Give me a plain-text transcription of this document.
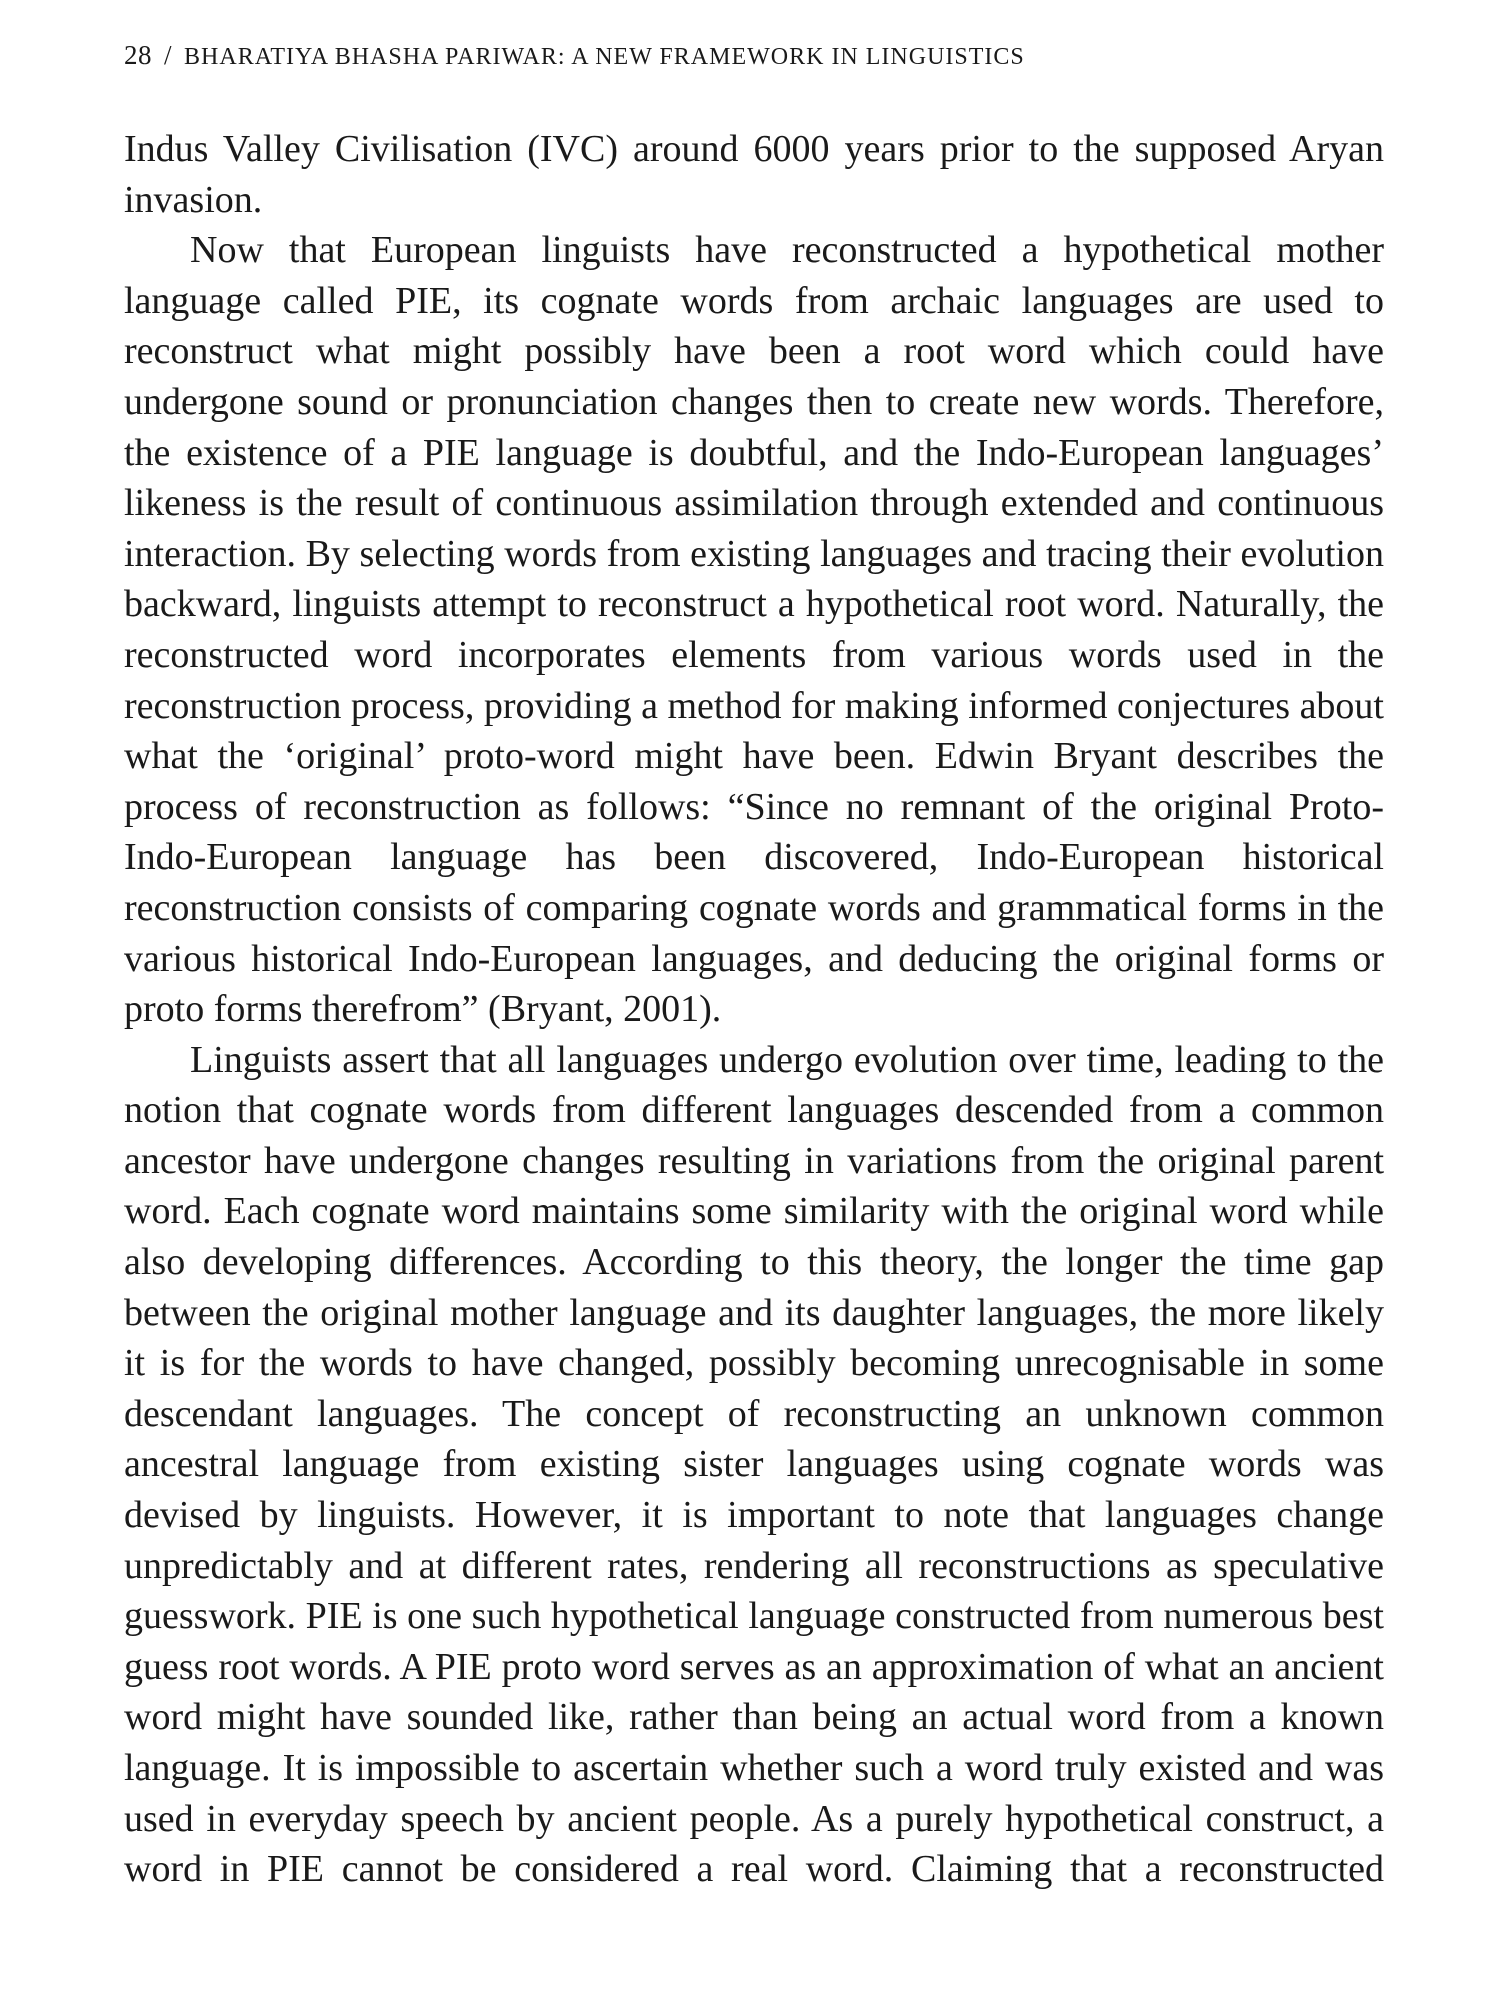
28 / BHARATIYA BHASHA PARIWAR: A NEW FRAMEWORK IN LINGUISTICS

Indus Valley Civilisation (IVC) around 6000 years prior to the supposed Aryan invasion.

Now that European linguists have reconstructed a hypothetical mother language called PIE, its cognate words from archaic languages are used to reconstruct what might possibly have been a root word which could have undergone sound or pronunciation changes then to create new words. Therefore, the existence of a PIE language is doubtful, and the Indo-European languages’ likeness is the result of continuous assimilation through extended and continuous interaction. By selecting words from existing languages and tracing their evolution backward, linguists attempt to reconstruct a hypothetical root word. Naturally, the reconstructed word incorporates elements from various words used in the reconstruction process, providing a method for making informed conjectures about what the ‘original’ proto-word might have been. Edwin Bryant describes the process of reconstruction as follows: “Since no remnant of the original Proto-Indo-European language has been discovered, Indo-European historical reconstruction consists of comparing cognate words and grammatical forms in the various historical Indo-European languages, and deducing the original forms or proto forms therefrom” (Bryant, 2001).

Linguists assert that all languages undergo evolution over time, leading to the notion that cognate words from different languages descended from a common ancestor have undergone changes resulting in variations from the original parent word. Each cognate word maintains some similarity with the original word while also developing differences. According to this theory, the longer the time gap between the original mother language and its daughter languages, the more likely it is for the words to have changed, possibly becoming unrecognisable in some descendant languages. The concept of reconstructing an unknown common ancestral language from existing sister languages using cognate words was devised by linguists. However, it is important to note that languages change unpredictably and at different rates, rendering all reconstructions as speculative guesswork. PIE is one such hypothetical language constructed from numerous best guess root words. A PIE proto word serves as an approximation of what an ancient word might have sounded like, rather than being an actual word from a known language. It is impossible to ascertain whether such a word truly existed and was used in everyday speech by ancient people. As a purely hypothetical construct, a word in PIE cannot be considered a real word. Claiming that a reconstructed
